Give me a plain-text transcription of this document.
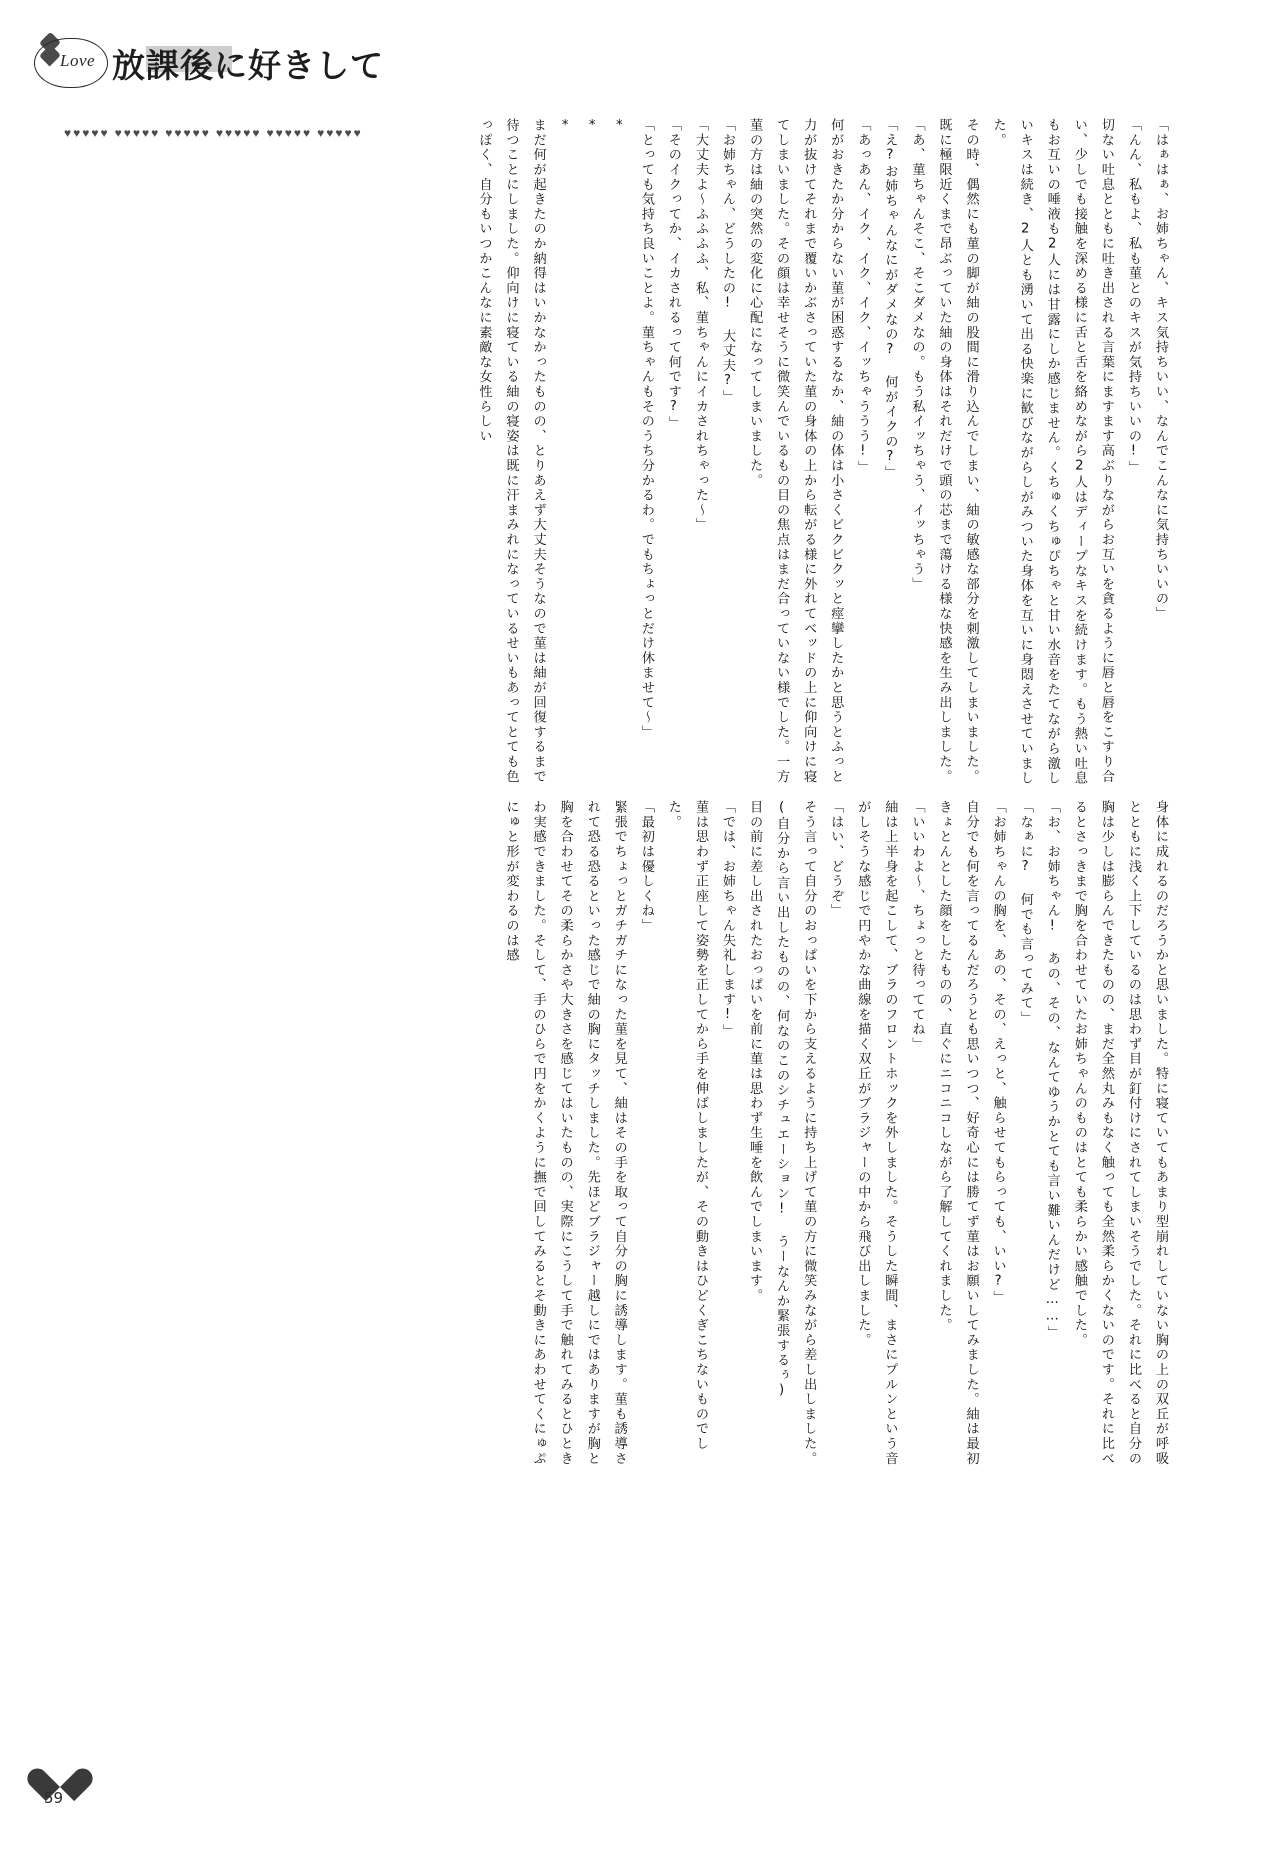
Love 放課後に好きして
♥♥♥♥♥ ♥♥♥♥♥ ♥♥♥♥♥ ♥♥♥♥♥ ♥♥♥♥♥ ♥♥♥♥♥	「はぁはぁ、お姉ちゃん、キス気持ちいい、なんでこんなに気持ちいいの」

「んん、私もよ、私も菫とのキスが気持ちいいの!」

切ない吐息とともに吐き出される言葉にますます高ぶりながらお互いを貪るように唇と唇をこすり合い、少しでも接触を深める様に舌と舌を絡めながら2人はディープなキスを続けます。もう熱い吐息もお互いの唾液も2人には甘露にしか感じません。くちゅくちゅぴちゃと甘い水音をたてながら激しいキスは続き、2人とも湧いて出る快楽に歓びながらしがみついた身体を互いに身悶えさせていました。

その時、偶然にも菫の脚が紬の股間に滑り込んでしまい、紬の敏感な部分を刺激してしまいました。既に極限近くまで昂ぶっていた紬の身体はそれだけで頭の芯まで蕩ける様な快感を生み出しました。

「あ、菫ちゃんそこ、そこダメなの。もう私イッちゃう、イッちゃう」

「え?お姉ちゃんなにがダメなの? 何がイクの?」

「あっあん、イク、イク、イク、イッちゃううう!」

何がおきたか分からない菫が困惑するなか、紬の体は小さくビクビクッと痙攣したかと思うとふっと力が抜けてそれまで覆いかぶさっていた菫の身体の上から転がる様に外れてベッドの上に仰向けに寝てしまいました。その顔は幸せそうに微笑んでいるもの目の焦点はまだ合っていない様でした。一方菫の方は紬の突然の変化に心配になってしまいました。

「お姉ちゃん、どうしたの! 大丈夫?」

「大丈夫よ〜ふふふふ、私、菫ちゃんにイカされちゃった〜」

「そのイクってか、イカされるって何です?」

「とっても気持ち良いことよ。菫ちゃんもそのうち分かるわ。でもちょっとだけ休ませて〜」

*

*

*

まだ何が起きたのか納得はいかなかったものの、とりあえず大丈夫そうなので菫は紬が回復するまで待つことにしました。仰向けに寝ている紬の寝姿は既に汗まみれになっているせいもあってとても色っぽく、自分もいつかこんなに素敵な女性らしい

身体に成れるのだろうかと思いました。特に寝ていてもあまり型崩れしていない胸の上の双丘が呼吸とともに浅く上下しているのは思わず目が釘付けにされてしまいそうでした。それに比べると自分の胸は少しは膨らんできたものの、まだ全然丸みもなく触っても全然柔らかくないのです。それに比べるとさっきまで胸を合わせていたお姉ちゃんのものはとても柔らかい感触でした。

「お、お姉ちゃん! あの、その、なんてゆうかとても言い難いんだけど……」

「なぁに? 何でも言ってみて」

「お姉ちゃんの胸を、あの、その、えっと、触らせてもらっても、いい?」

自分でも何を言ってるんだろうとも思いつつ、好奇心には勝てず菫はお願いしてみました。紬は最初きょとんとした顔をしたものの、直ぐにニコニコしながら了解してくれました。

「いいわよ〜、ちょっと待っててね」

紬は上半身を起こして、ブラのフロントホックを外しました。そうした瞬間、まさにプルンという音がしそうな感じで円やかな曲線を描く双丘がブラジャーの中から飛び出しました。

「はい、どうぞ」

そう言って自分のおっぱいを下から支えるように持ち上げて菫の方に微笑みながら差し出しました。

(自分から言い出したものの、何なのこのシチュエーション! うーなんか緊張するぅ)

目の前に差し出されたおっぱいを前に菫は思わず生唾を飲んでしまいます。

「では、お姉ちゃん失礼します!」

菫は思わず正座して姿勢を正してから手を伸ばしましたが、その動きはひどくぎこちないものでした。

「最初は優しくね」

緊張でちょっとガチガチになった菫を見て、紬はその手を取って自分の胸に誘導します。菫も誘導されて恐る恐るといった感じで紬の胸にタッチしました。先ほどブラジャー越しにではありますが胸と胸を合わせてその柔らかさや大きさを感じてはいたものの、実際にこうして手で触れてみるとひときわ実感できました。そして、手のひらで円をかくように撫で回してみるとそ動きにあわせてくにゅぷにゅと形が変わるのは感

59
